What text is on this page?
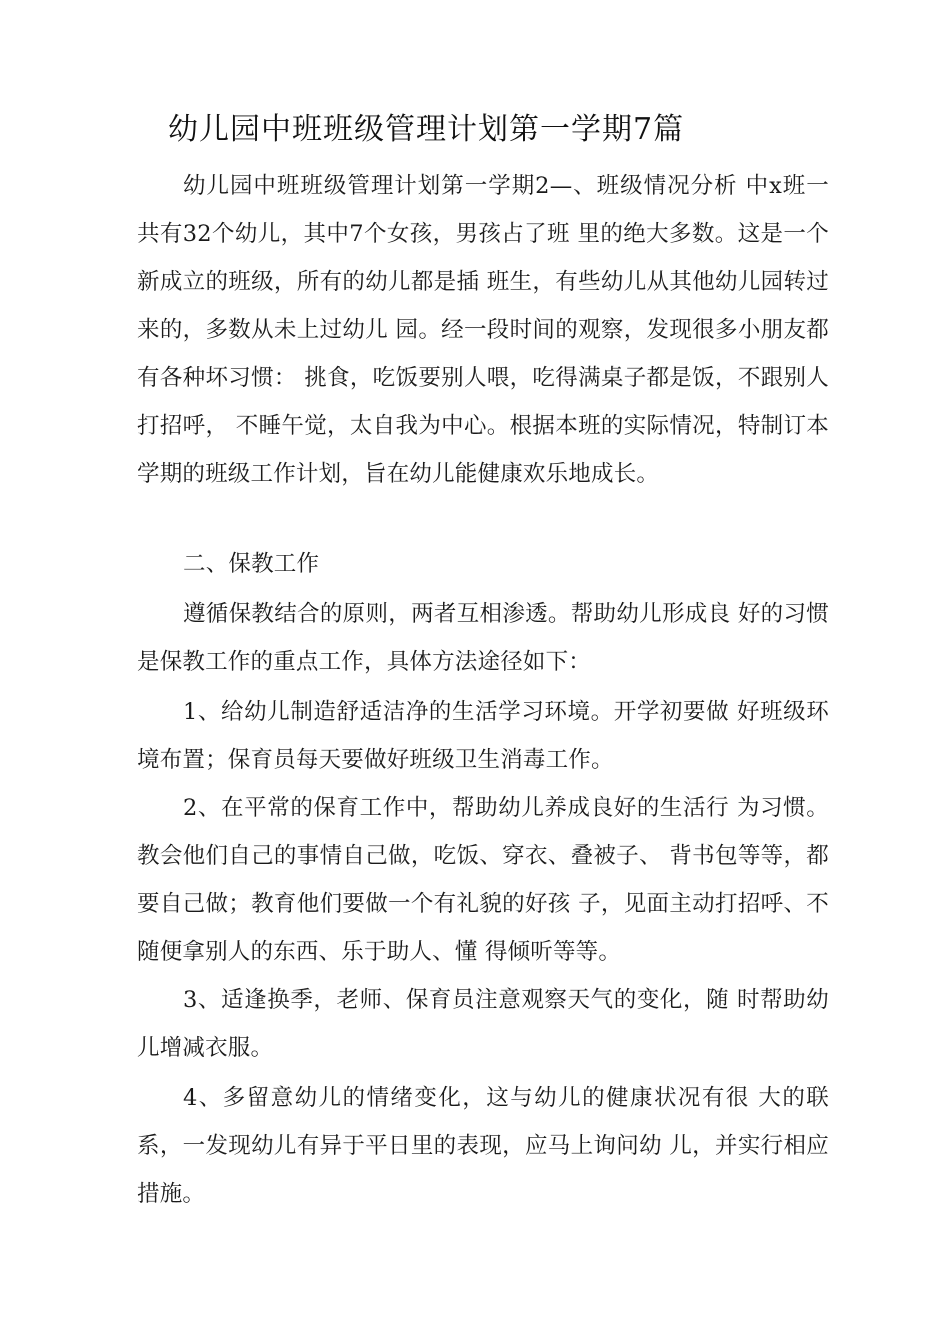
幼儿园中班班级管理计划第一学期7篇

幼儿园中班班级管理计划第一学期2—、班级情况分析 中x班一共有32个幼儿，其中7个女孩，男孩占了班 里的绝大多数。这是一个新成立的班级，所有的幼儿都是插 班生，有些幼儿从其他幼儿园转过来的，多数从未上过幼儿 园。经一段时间的观察，发现很多小朋友都有各种坏习惯： 挑食，吃饭要别人喂，吃得满桌子都是饭，不跟别人打招呼， 不睡午觉，太自我为中心。根据本班的实际情况，特制订本 学期的班级工作计划，旨在幼儿能健康欢乐地成长。

二、保教工作

遵循保教结合的原则，两者互相渗透。帮助幼儿形成良 好的习惯是保教工作的重点工作，具体方法途径如下：

1、给幼儿制造舒适洁净的生活学习环境。开学初要做 好班级环境布置；保育员每天要做好班级卫生消毒工作。

2、在平常的保育工作中，帮助幼儿养成良好的生活行 为习惯。教会他们自己的事情自己做，吃饭、穿衣、叠被子、 背书包等等，都要自己做；教育他们要做一个有礼貌的好孩 子，见面主动打招呼、不随便拿别人的东西、乐于助人、懂 得倾听等等。

3、适逢换季，老师、保育员注意观察天气的变化，随 时帮助幼儿增减衣服。

4、多留意幼儿的情绪变化，这与幼儿的健康状况有很 大的联系，一发现幼儿有异于平日里的表现，应马上询问幼 儿，并实行相应措施。
